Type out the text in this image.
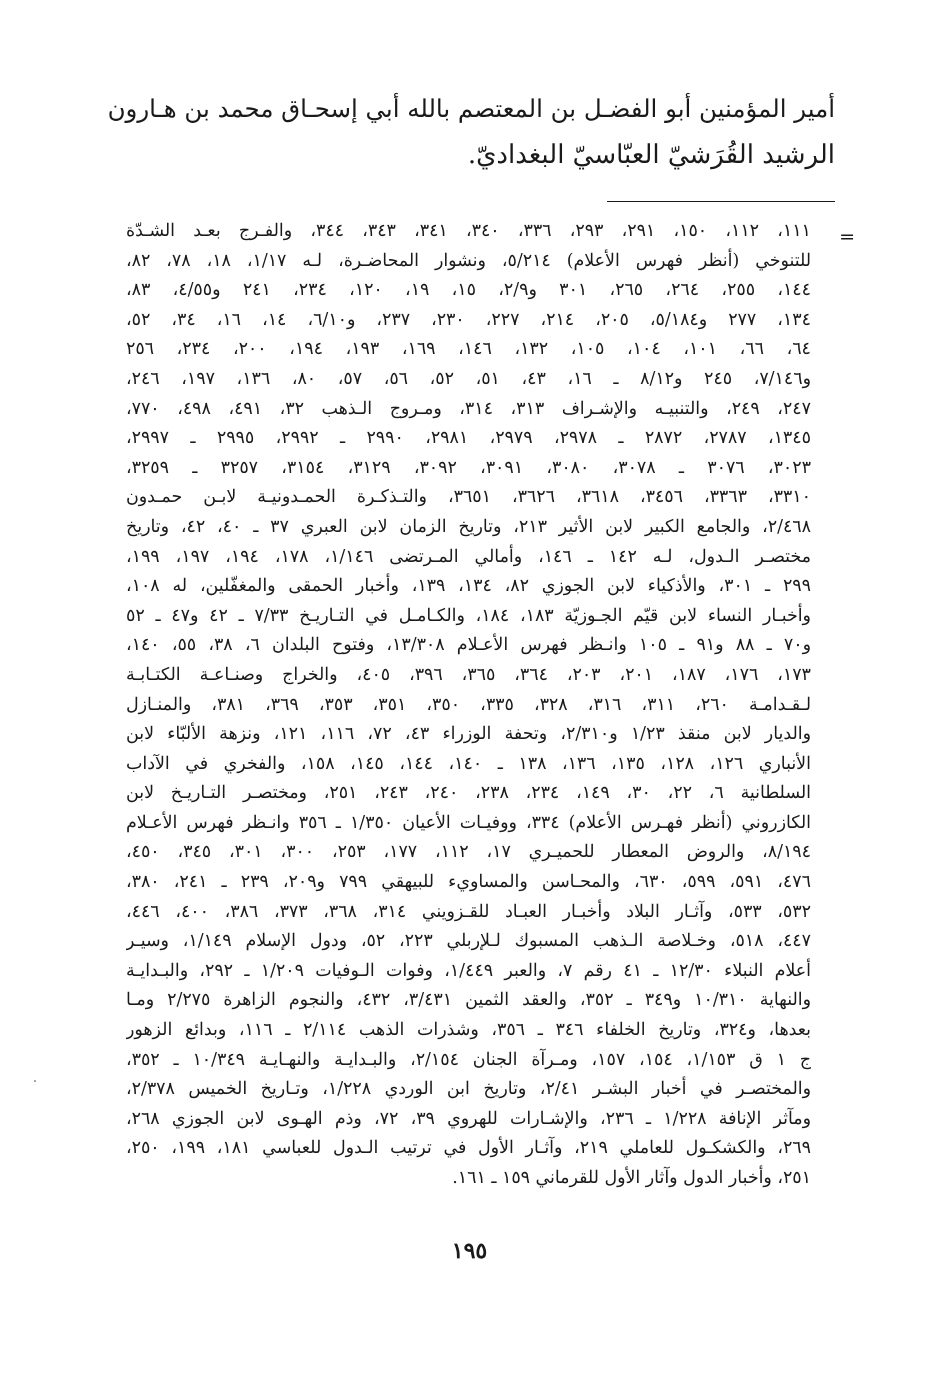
أمير المؤمنين أبو الفضـل بن المعتصم بالله أبي إسحـاق محمد بن هـارون
الرشيد القُرَشيّ العبّاسيّ البغداديّ.
=
١١١، ١١٢، ١٥٠، ٢٩١، ٢٩٣، ٣٣٦، ٣٤٠، ٣٤١، ٣٤٣، ٣٤٤، والفـرج بعـد الشـدّة
للتنوخي (أنظر فهرس الأعلام) ٥/٢١٤، ونشوار المحاضـرة، لـه ١/١٧، ١٨، ٧٨، ٨٢،
١٤٤، ٢٥٥، ٢٦٤، ٢٦٥، ٣٠١ و٢/٩، ١٥، ١٩، ١٢٠، ٢٣٤، ٢٤١ و٤/٥٥، ٨٣،
١٣٤، ٢٧٧ و٥/١٨٤، ٢٠٥، ٢١٤، ٢٢٧، ٢٣٠، ٢٣٧، و٦/١٠، ١٤، ١٦، ٣٤، ٥٢،
٦٤، ٦٦، ١٠١، ١٠٤، ١٠٥، ١٣٢، ١٤٦، ١٦٩، ١٩٣، ١٩٤، ٢٠٠، ٢٣٤، ٢٥٦
و٧/١٤٦، ٢٤٥ و٨/١٢ ـ ١٦، ٤٣، ٥١، ٥٢، ٥٦، ٥٧، ٨٠، ١٣٦، ١٩٧، ٢٤٦،
٢٤٧، ٢٤٩، والتنبيـه والإشـراف ٣١٣، ٣١٤، ومـروج الـذهب ٣٢، ٤٩١، ٤٩٨، ٧٧٠،
١٣٤٥، ٢٧٨٧، ٢٨٧٢ ـ ٢٩٧٨، ٢٩٧٩، ٢٩٨١، ٢٩٩٠ ـ ٢٩٩٢، ٢٩٩٥ ـ ٢٩٩٧،
٣٠٢٣، ٣٠٧٦ ـ ٣٠٧٨، ٣٠٨٠، ٣٠٩١، ٣٠٩٢، ٣١٢٩، ٣١٥٤، ٣٢٥٧ ـ ٣٢٥٩،
٣٣١٠، ٣٣٦٣، ٣٤٥٦، ٣٦١٨، ٣٦٢٦، ٣٦٥١، والتـذكـرة الحمـدونيـة لابـن حمـدون
٢/٤٦٨، والجامع الكبير لابن الأثير ٢١٣، وتاريخ الزمان لابن العبري ٣٧ ـ ٤٠، ٤٢، وتاريخ
مختصـر الـدول، لـه ١٤٢ ـ ١٤٦، وأمالي المـرتضى ١/١٤٦، ١٧٨، ١٩٤، ١٩٧، ١٩٩،
٢٩٩ ـ ٣٠١، والأذكياء لابن الجوزي ٨٢، ١٣٤، ١٣٩، وأخبار الحمقى والمغفّلين، له ١٠٨،
وأخبـار النساء لابن قيّم الجـوزيّة ١٨٣، ١٨٤، والكـامـل في التـاريـخ ٧/٣٣ ـ ٤٢ و٤٧ ـ ٥٢
و٧٠ ـ ٨٨ و٩١ ـ ١٠٥ وانـظر فهرس الأعـلام ١٣/٣٠٨، وفتوح البلدان ٦، ٣٨، ٥٥، ١٤٠،
١٧٣، ١٧٦، ١٨٧، ٢٠١، ٢٠٣، ٣٦٤، ٣٦٥، ٣٩٦، ٤٠٥، والخراج وصنـاعـة الكتـابـة
لـقـدامـة ٢٦٠، ٣١١، ٣١٦، ٣٢٨، ٣٣٥، ٣٥٠، ٣٥١، ٣٥٣، ٣٦٩، ٣٨١، والمنـازل
والديار لابن منقذ ١/٢٣ و٢/٣١٠، وتحفة الوزراء ٤٣، ٧٢، ١١٦، ١٢١، ونزهة الألبّاء لابن
الأنباري ١٢٦، ١٢٨، ١٣٥، ١٣٦، ١٣٨ ـ ١٤٠، ١٤٤، ١٤٥، ١٥٨، والفخري في الآداب
السلطانية ٦، ٢٢، ٣٠، ١٤٩، ٢٣٤، ٢٣٨، ٢٤٠، ٢٤٣، ٢٥١، ومختصـر التـاريـخ لابن
الكازروني (أنظر فهـرس الأعلام) ٣٣٤، ووفيـات الأعيان ١/٣٥٠ ـ ٣٥٦ وانـظر فهرس الأعـلام
٨/١٩٤، والروض المعطار للحميـري ١٧، ١١٢، ١٧٧، ٢٥٣، ٣٠٠، ٣٠١، ٣٤٥، ٤٥٠،
٤٧٦، ٥٩١، ٥٩٩، ٦٣٠، والمحـاسن والمساويء للبيهقي ٧٩٩ و٢٠٩، ٢٣٩ ـ ٢٤١، ٣٨٠،
٥٣٢، ٥٣٣، وآثـار البلاد وأخبـار العبـاد للقـزويني ٣١٤، ٣٦٨، ٣٧٣، ٣٨٦، ٤٠٠، ٤٤٦،
٤٤٧، ٥١٨، وخـلاصة الـذهب المسبوك لـلإربلي ٢٢٣، ٥٢، ودول الإسلام ١/١٤٩، وسيـر
أعلام النبلاء ١٢/٣٠ ـ ٤١ رقم ٧، والعبر ١/٤٤٩، وفوات الـوفيات ١/٢٠٩ ـ ٢٩٢، والبـدايـة
والنهاية ١٠/٣١٠ و٣٤٩ ـ ٣٥٢، والعقد الثمين ٣/٤٣١، ٤٣٢، والنجوم الزاهرة ٢/٢٧٥ ومـا
بعدها، و٣٢٤، وتاريخ الخلفاء ٣٤٦ ـ ٣٥٦، وشذرات الذهب ٢/١١٤ ـ ١١٦، وبدائع الزهور
ج ١ ق ١/١٥٣، ١٥٤، ١٥٧، ومـرآة الجنان ٢/١٥٤، والبـدايـة والنهـايـة ١٠/٣٤٩ ـ ٣٥٢،
والمختصـر في أخبار البشـر ٢/٤١، وتاريخ ابن الوردي ١/٢٢٨، وتـاريخ الخميس ٢/٣٧٨،
ومآثر الإنافة ١/٢٢٨ ـ ٢٣٦، والإشـارات للهروي ٣٩، ٧٢، وذم الهـوى لابن الجوزي ٢٦٨،
٢٦٩، والكشكـول للعاملي ٢١٩، وآثـار الأول في ترتيب الـدول للعباسي ١٨١، ١٩٩، ٢٥٠،
٢٥١، وأخبار الدول وآثار الأول للقرماني ١٥٩ ـ ١٦١.
١٩٥
